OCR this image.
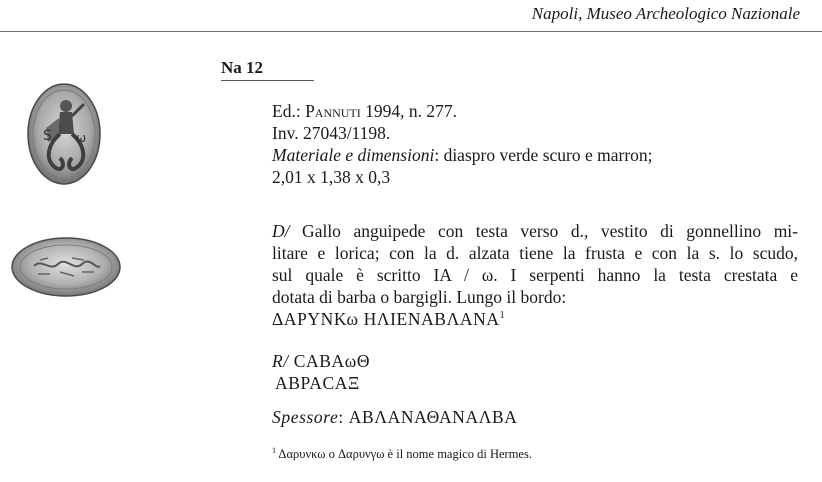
Napoli, Museo Archeologico Nazionale
S ω
Na 12
Ed.: Pannuti 1994, n. 277.
Inv. 27043/1198.
Materiale e dimensioni: diaspro verde scuro e marron;
2,01 x 1,38 x 0,3
D/ Gallo anguipede con testa verso d., vestito di gonnellino mi-
litare e lorica; con la d. alzata tiene la frusta e con la s. lo scudo,
sul quale è scritto ΙΑ / ω. I serpenti hanno la testa crestata e
dotata di barba o bargigli. Lungo il bordo:
ΔΑΡΥΝΚω ΗΛΙΕΝΑΒΛΑΝΑ$^1$
R/ CABAωΘ
ΑΒΡΑCΑΞ
Spessore: ΑΒΛΑΝΑΘΑΝΑΛΒΑ
$^1$ Δαρυνκω o Δαρυνγω è il nome magico di Hermes.
